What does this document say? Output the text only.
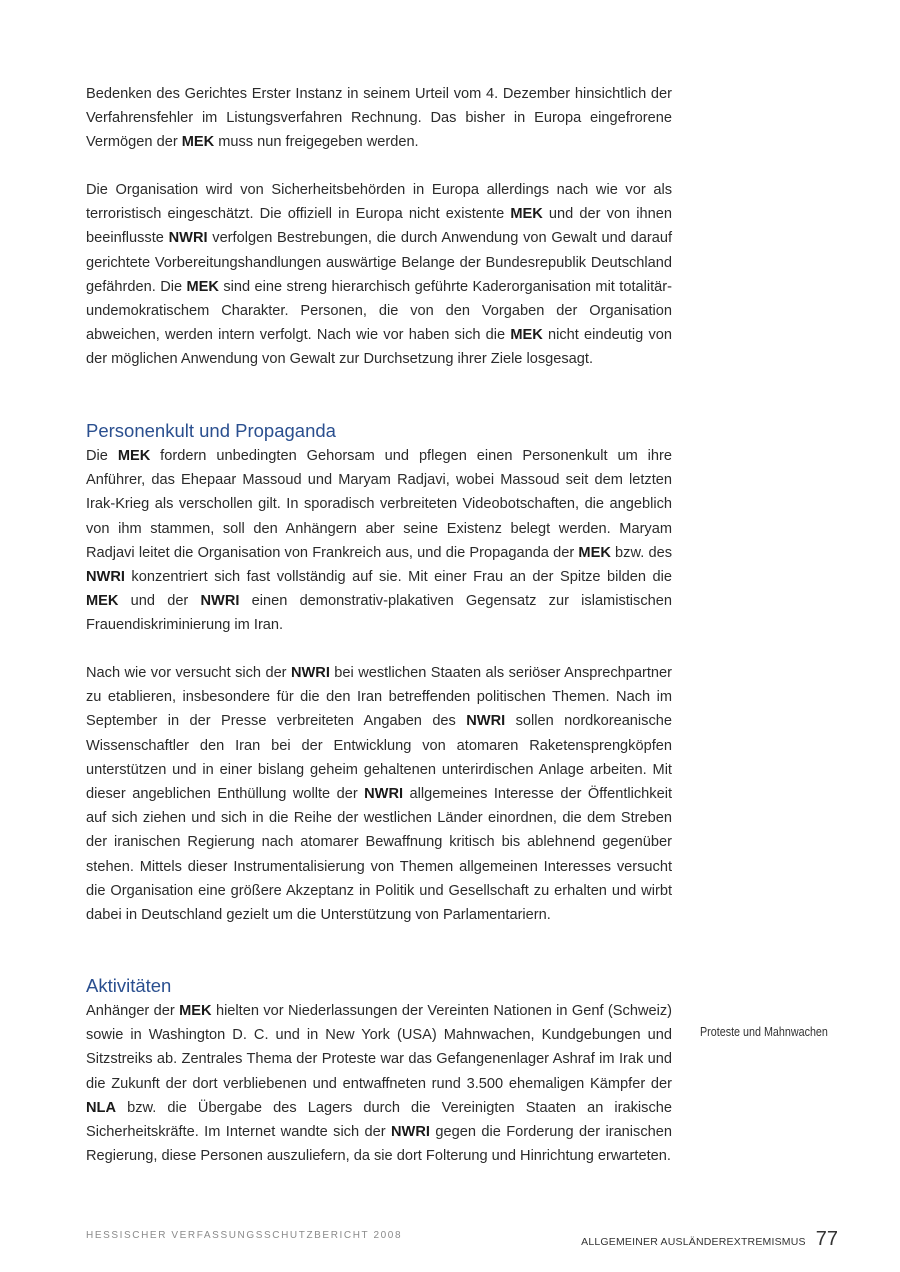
Bedenken des Gerichtes Erster Instanz in seinem Urteil vom 4. Dezember hinsichtlich der Verfahrensfehler im Listungsverfahren Rechnung. Das bisher in Europa eingefrorene Vermögen der MEK muss nun freigegeben werden.

Die Organisation wird von Sicherheitsbehörden in Europa allerdings nach wie vor als terroristisch eingeschätzt. Die offiziell in Europa nicht existente MEK und der von ihnen beeinflusste NWRI verfolgen Bestrebungen, die durch Anwendung von Gewalt und darauf gerichtete Vorbereitungshandlungen auswärtige Belange der Bundesrepublik Deutschland gefährden. Die MEK sind eine streng hierarchisch geführte Kaderorganisation mit totalitär-undemokratischem Charakter. Personen, die von den Vorgaben der Organisation abweichen, werden intern verfolgt. Nach wie vor haben sich die MEK nicht eindeutig von der möglichen Anwendung von Gewalt zur Durchsetzung ihrer Ziele losgesagt.

Personenkult und Propaganda

Die MEK fordern unbedingten Gehorsam und pflegen einen Personenkult um ihre Anführer, das Ehepaar Massoud und Maryam Radjavi, wobei Massoud seit dem letzten Irak-Krieg als verschollen gilt. In sporadisch verbreiteten Videobotschaften, die angeblich von ihm stammen, soll den Anhängern aber seine Existenz belegt werden. Maryam Radjavi leitet die Organisation von Frankreich aus, und die Propaganda der MEK bzw. des NWRI konzentriert sich fast vollständig auf sie. Mit einer Frau an der Spitze bilden die MEK und der NWRI einen demonstrativ-plakativen Gegensatz zur islamistischen Frauendiskriminierung im Iran.

Nach wie vor versucht sich der NWRI bei westlichen Staaten als seriöser Ansprechpartner zu etablieren, insbesondere für die den Iran betreffenden politischen Themen. Nach im September in der Presse verbreiteten Angaben des NWRI sollen nordkoreanische Wissenschaftler den Iran bei der Entwicklung von atomaren Raketensprengköpfen unterstützen und in einer bislang geheim gehaltenen unterirdischen Anlage arbeiten. Mit dieser angeblichen Enthüllung wollte der NWRI allgemeines Interesse der Öffentlichkeit auf sich ziehen und sich in die Reihe der westlichen Länder einordnen, die dem Streben der iranischen Regierung nach atomarer Bewaffnung kritisch bis ablehnend gegenüber stehen. Mittels dieser Instrumentalisierung von Themen allgemeinen Interesses versucht die Organisation eine größere Akzeptanz in Politik und Gesellschaft zu erhalten und wirbt dabei in Deutschland gezielt um die Unterstützung von Parlamentariern.

Aktivitäten

Anhänger der MEK hielten vor Niederlassungen der Vereinten Nationen in Genf (Schweiz) sowie in Washington D. C. und in New York (USA) Mahnwachen, Kundgebungen und Sitzstreiks ab. Zentrales Thema der Proteste war das Gefangenenlager Ashraf im Irak und die Zukunft der dort verbliebenen und entwaffneten rund 3.500 ehemaligen Kämpfer der NLA bzw. die Übergabe des Lagers durch die Vereinigten Staaten an irakische Sicherheitskräfte. Im Internet wandte sich der NWRI gegen die Forderung der iranischen Regierung, diese Personen auszuliefern, da sie dort Folterung und Hinrichtung erwarteten.

Proteste und Mahnwachen
HESSISCHER VERFASSUNGSSCHUTZBERICHT 2008
ALLGEMEINER AUSLÄNDEREXTREMISMUS 77
